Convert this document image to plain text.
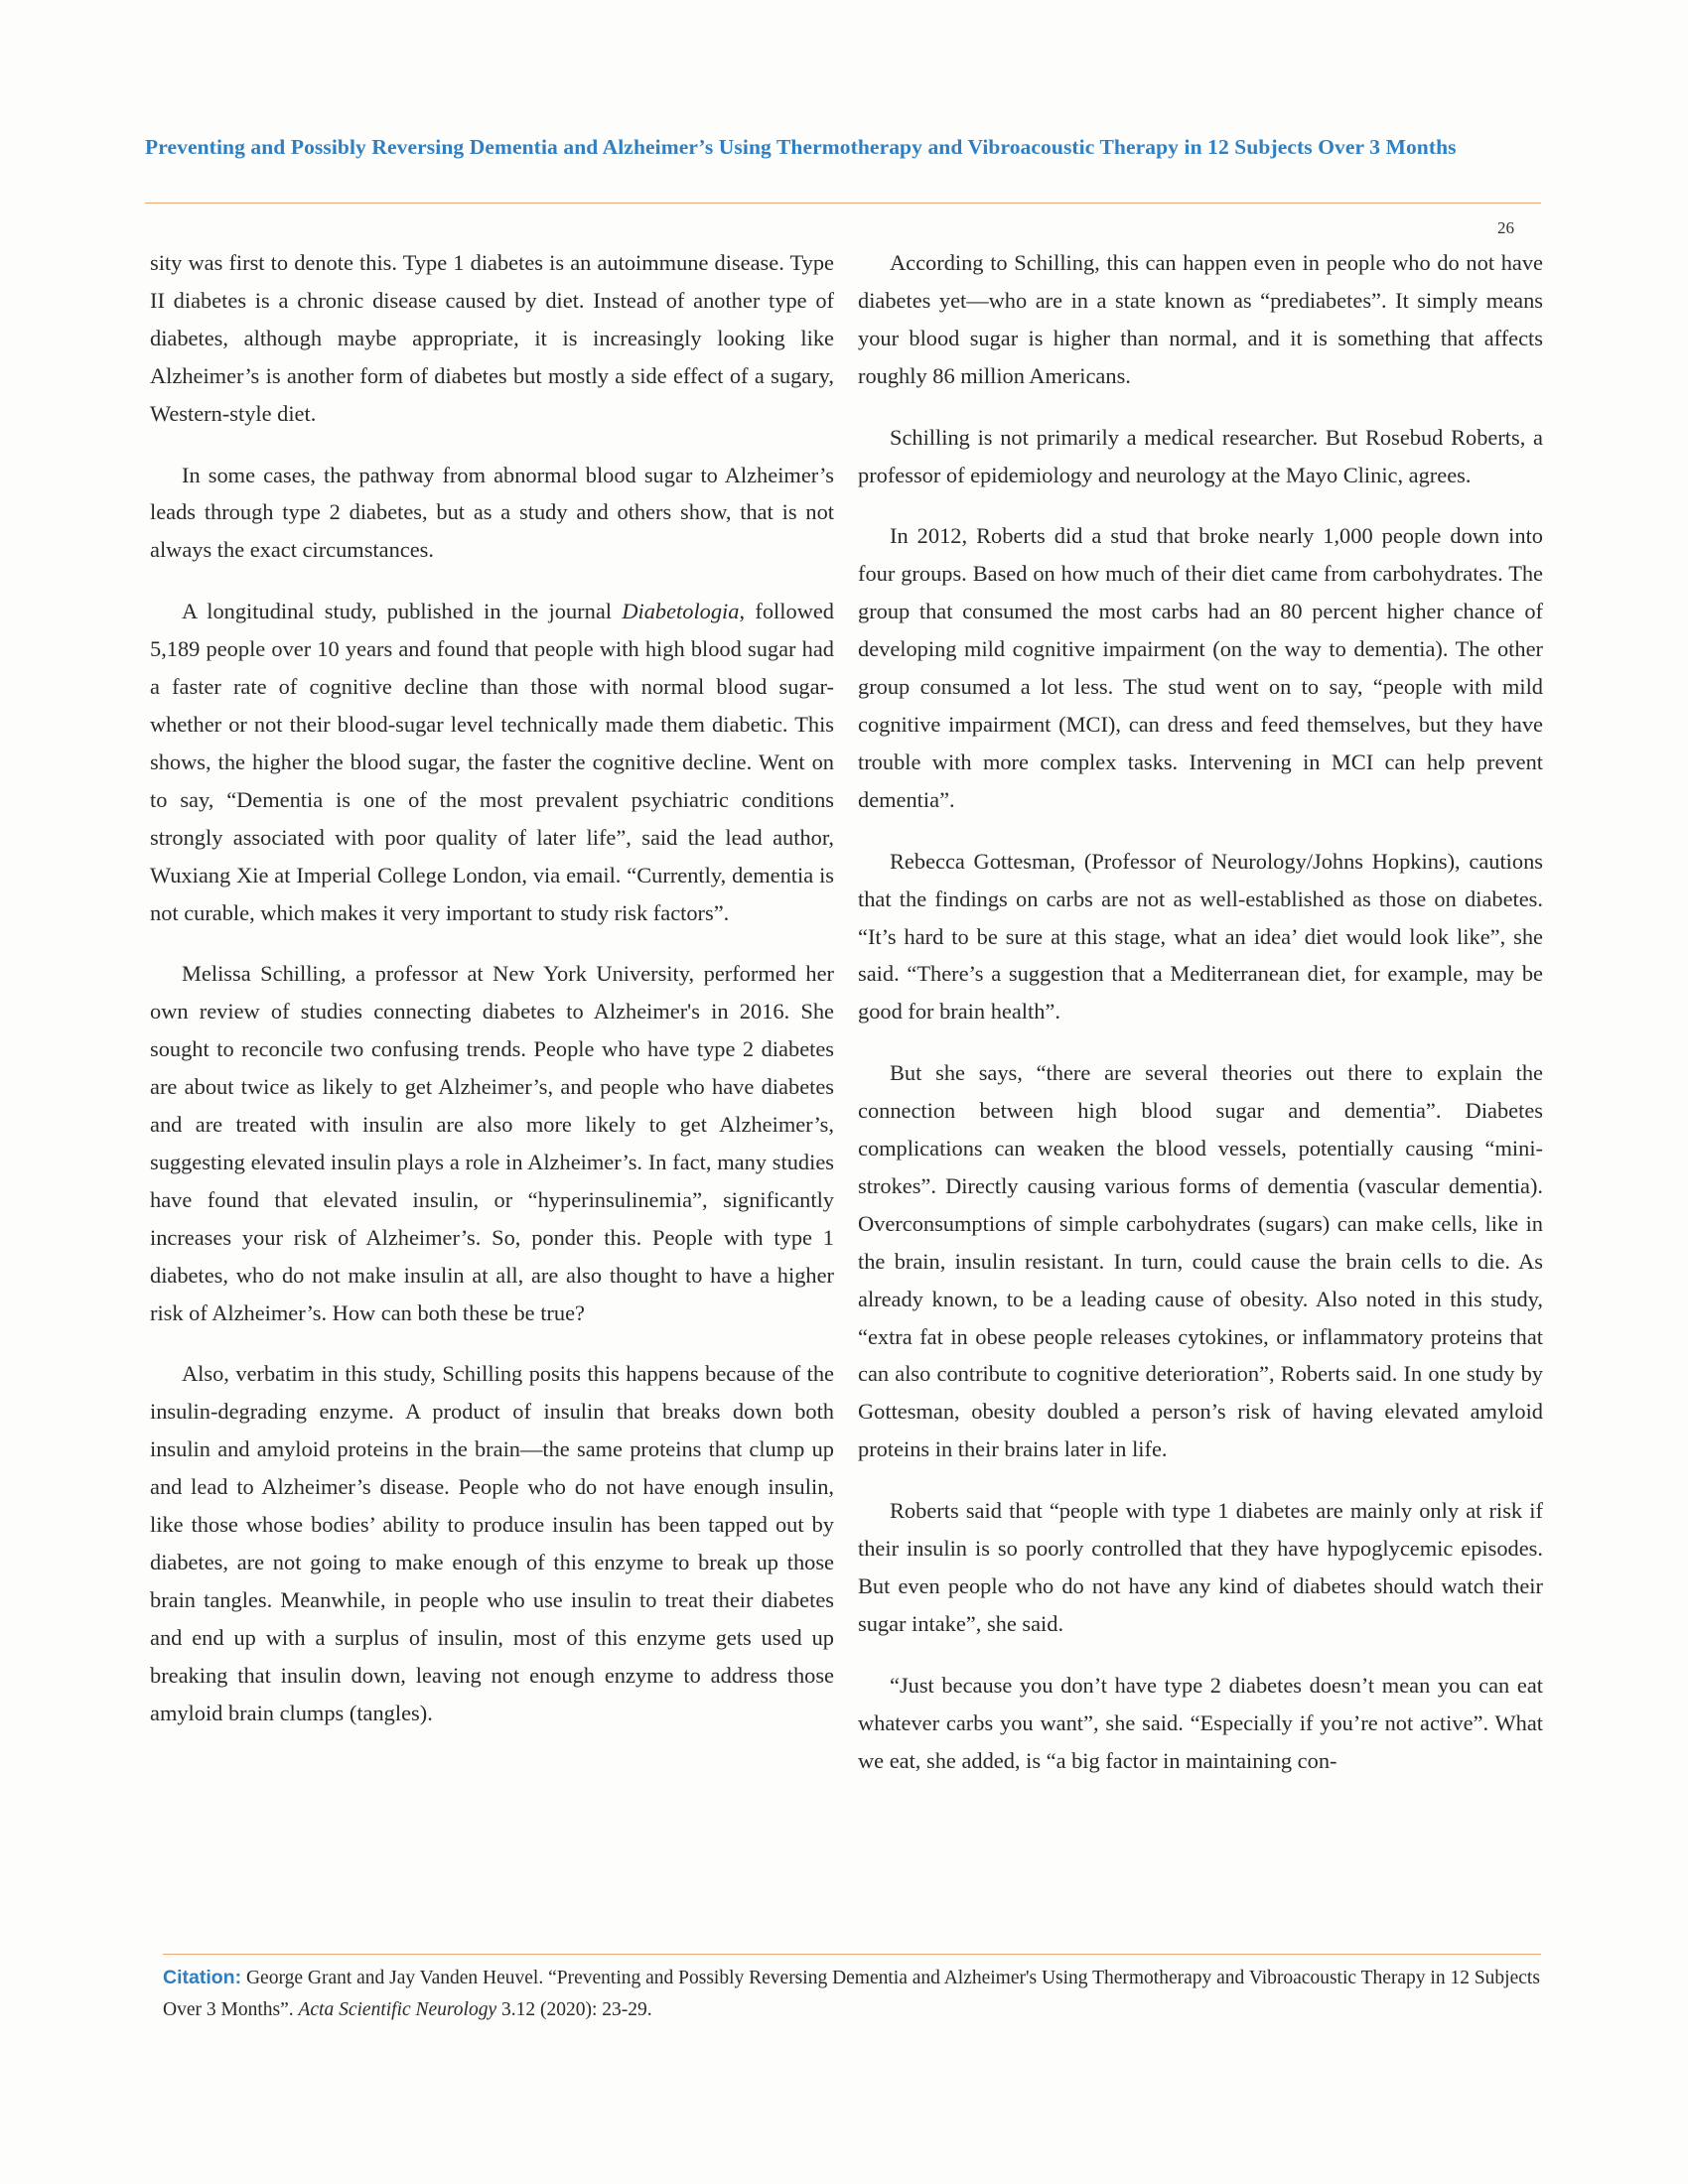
Preventing and Possibly Reversing Dementia and Alzheimer’s Using Thermotherapy and Vibroacoustic Therapy in 12 Subjects Over 3 Months
26

sity was first to denote this. Type 1 diabetes is an autoimmune disease. Type II diabetes is a chronic disease caused by diet. Instead of another type of diabetes, although maybe appropriate, it is increasingly looking like Alzheimer’s is another form of diabetes but mostly a side effect of a sugary, Western-style diet.

In some cases, the pathway from abnormal blood sugar to Alzheimer’s leads through type 2 diabetes, but as a study and others show, that is not always the exact circumstances.

A longitudinal study, published in the journal Diabetologia, followed 5,189 people over 10 years and found that people with high blood sugar had a faster rate of cognitive decline than those with normal blood sugar-whether or not their blood-sugar level technically made them diabetic. This shows, the higher the blood sugar, the faster the cognitive decline. Went on to say, “Dementia is one of the most prevalent psychiatric conditions strongly associated with poor quality of later life”, said the lead author, Wuxiang Xie at Imperial College London, via email. “Currently, dementia is not curable, which makes it very important to study risk factors”.

Melissa Schilling, a professor at New York University, performed her own review of studies connecting diabetes to Alzheimer's in 2016. She sought to reconcile two confusing trends. People who have type 2 diabetes are about twice as likely to get Alzheimer’s, and people who have diabetes and are treated with insulin are also more likely to get Alzheimer’s, suggesting elevated insulin plays a role in Alzheimer’s. In fact, many studies have found that elevated insulin, or “hyperinsulinemia”, significantly increases your risk of Alzheimer’s. So, ponder this. People with type 1 diabetes, who do not make insulin at all, are also thought to have a higher risk of Alzheimer’s. How can both these be true?

Also, verbatim in this study, Schilling posits this happens because of the insulin-degrading enzyme. A product of insulin that breaks down both insulin and amyloid proteins in the brain—the same proteins that clump up and lead to Alzheimer’s disease. People who do not have enough insulin, like those whose bodies’ ability to produce insulin has been tapped out by diabetes, are not going to make enough of this enzyme to break up those brain tangles. Meanwhile, in people who use insulin to treat their diabetes and end up with a surplus of insulin, most of this enzyme gets used up breaking that insulin down, leaving not enough enzyme to address those amyloid brain clumps (tangles).

According to Schilling, this can happen even in people who do not have diabetes yet—who are in a state known as “prediabetes”. It simply means your blood sugar is higher than normal, and it is something that affects roughly 86 million Americans.

Schilling is not primarily a medical researcher. But Rosebud Roberts, a professor of epidemiology and neurology at the Mayo Clinic, agrees.

In 2012, Roberts did a stud that broke nearly 1,000 people down into four groups. Based on how much of their diet came from carbohydrates. The group that consumed the most carbs had an 80 percent higher chance of developing mild cognitive impairment (on the way to dementia). The other group consumed a lot less. The stud went on to say, “people with mild cognitive impairment (MCI), can dress and feed themselves, but they have trouble with more complex tasks. Intervening in MCI can help prevent dementia”.

Rebecca Gottesman, (Professor of Neurology/Johns Hopkins), cautions that the findings on carbs are not as well-established as those on diabetes. “It’s hard to be sure at this stage, what an idea’ diet would look like”, she said. “There’s a suggestion that a Mediterranean diet, for example, may be good for brain health”.

But she says, “there are several theories out there to explain the connection between high blood sugar and dementia”. Diabetes complications can weaken the blood vessels, potentially causing “mini-strokes”. Directly causing various forms of dementia (vascular dementia). Overconsumptions of simple carbohydrates (sugars) can make cells, like in the brain, insulin resistant. In turn, could cause the brain cells to die. As already known, to be a leading cause of obesity. Also noted in this study, “extra fat in obese people releases cytokines, or inflammatory proteins that can also contribute to cognitive deterioration”, Roberts said. In one study by Gottesman, obesity doubled a person’s risk of having elevated amyloid proteins in their brains later in life.

Roberts said that “people with type 1 diabetes are mainly only at risk if their insulin is so poorly controlled that they have hypoglycemic episodes. But even people who do not have any kind of diabetes should watch their sugar intake”, she said.

“Just because you don’t have type 2 diabetes doesn’t mean you can eat whatever carbs you want”, she said. “Especially if you’re not active”. What we eat, she added, is “a big factor in maintaining con-

Citation: George Grant and Jay Vanden Heuvel. “Preventing and Possibly Reversing Dementia and Alzheimer's Using Thermotherapy and Vibroacoustic Therapy in 12 Subjects Over 3 Months”. Acta Scientific Neurology 3.12 (2020): 23-29.
